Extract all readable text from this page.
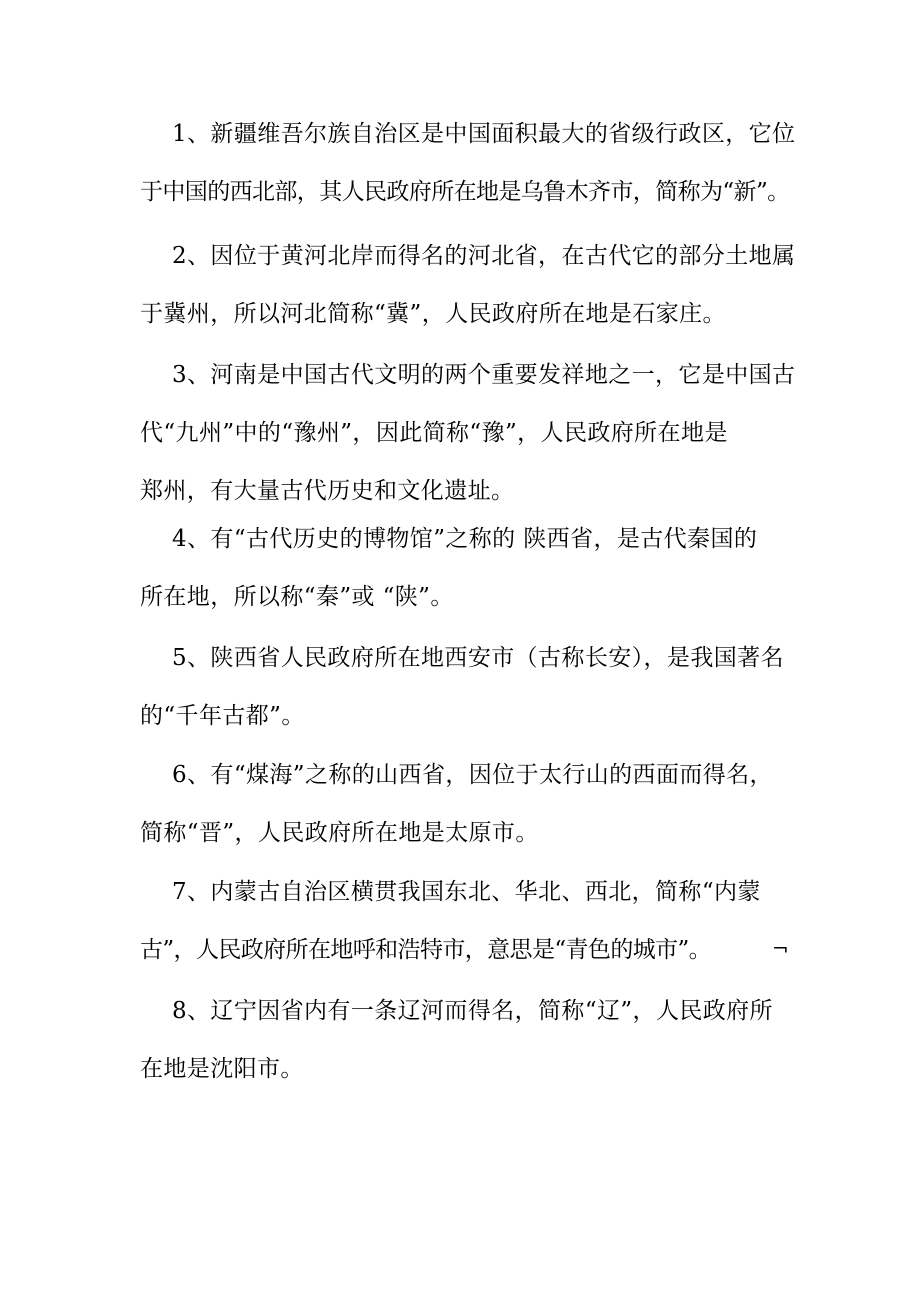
1、新疆维吾尔族自治区是中国面积最大的省级行政区，它位
于中国的西北部，其人民政府所在地是乌鲁木齐市，简称为“新”。

2、因位于黄河北岸而得名的河北省，在古代它的部分土地属
于冀州，所以河北简称“冀”，人民政府所在地是石家庄。

3、河南是中国古代文明的两个重要发祥地之一，它是中国古
代“九州”中的“豫州”，因此简称“豫”，人民政府所在地是
郑州，有大量古代历史和文化遗址。

4、有“古代历史的博物馆”之称的 陕西省，是古代秦国的
所在地，所以称“秦”或 “陕”。

5、陕西省人民政府所在地西安市（古称长安），是我国著名
的“千年古都”。

6、有“煤海”之称的山西省，因位于太行山的西面而得名，
简称“晋”，人民政府所在地是太原市。

7、内蒙古自治区横贯我国东北、华北、西北，简称“内蒙
古”，人民政府所在地呼和浩特市，意思是“青色的城市”。	¬

8、辽宁因省内有一条辽河而得名，简称“辽”，人民政府所
在地是沈阳市。
